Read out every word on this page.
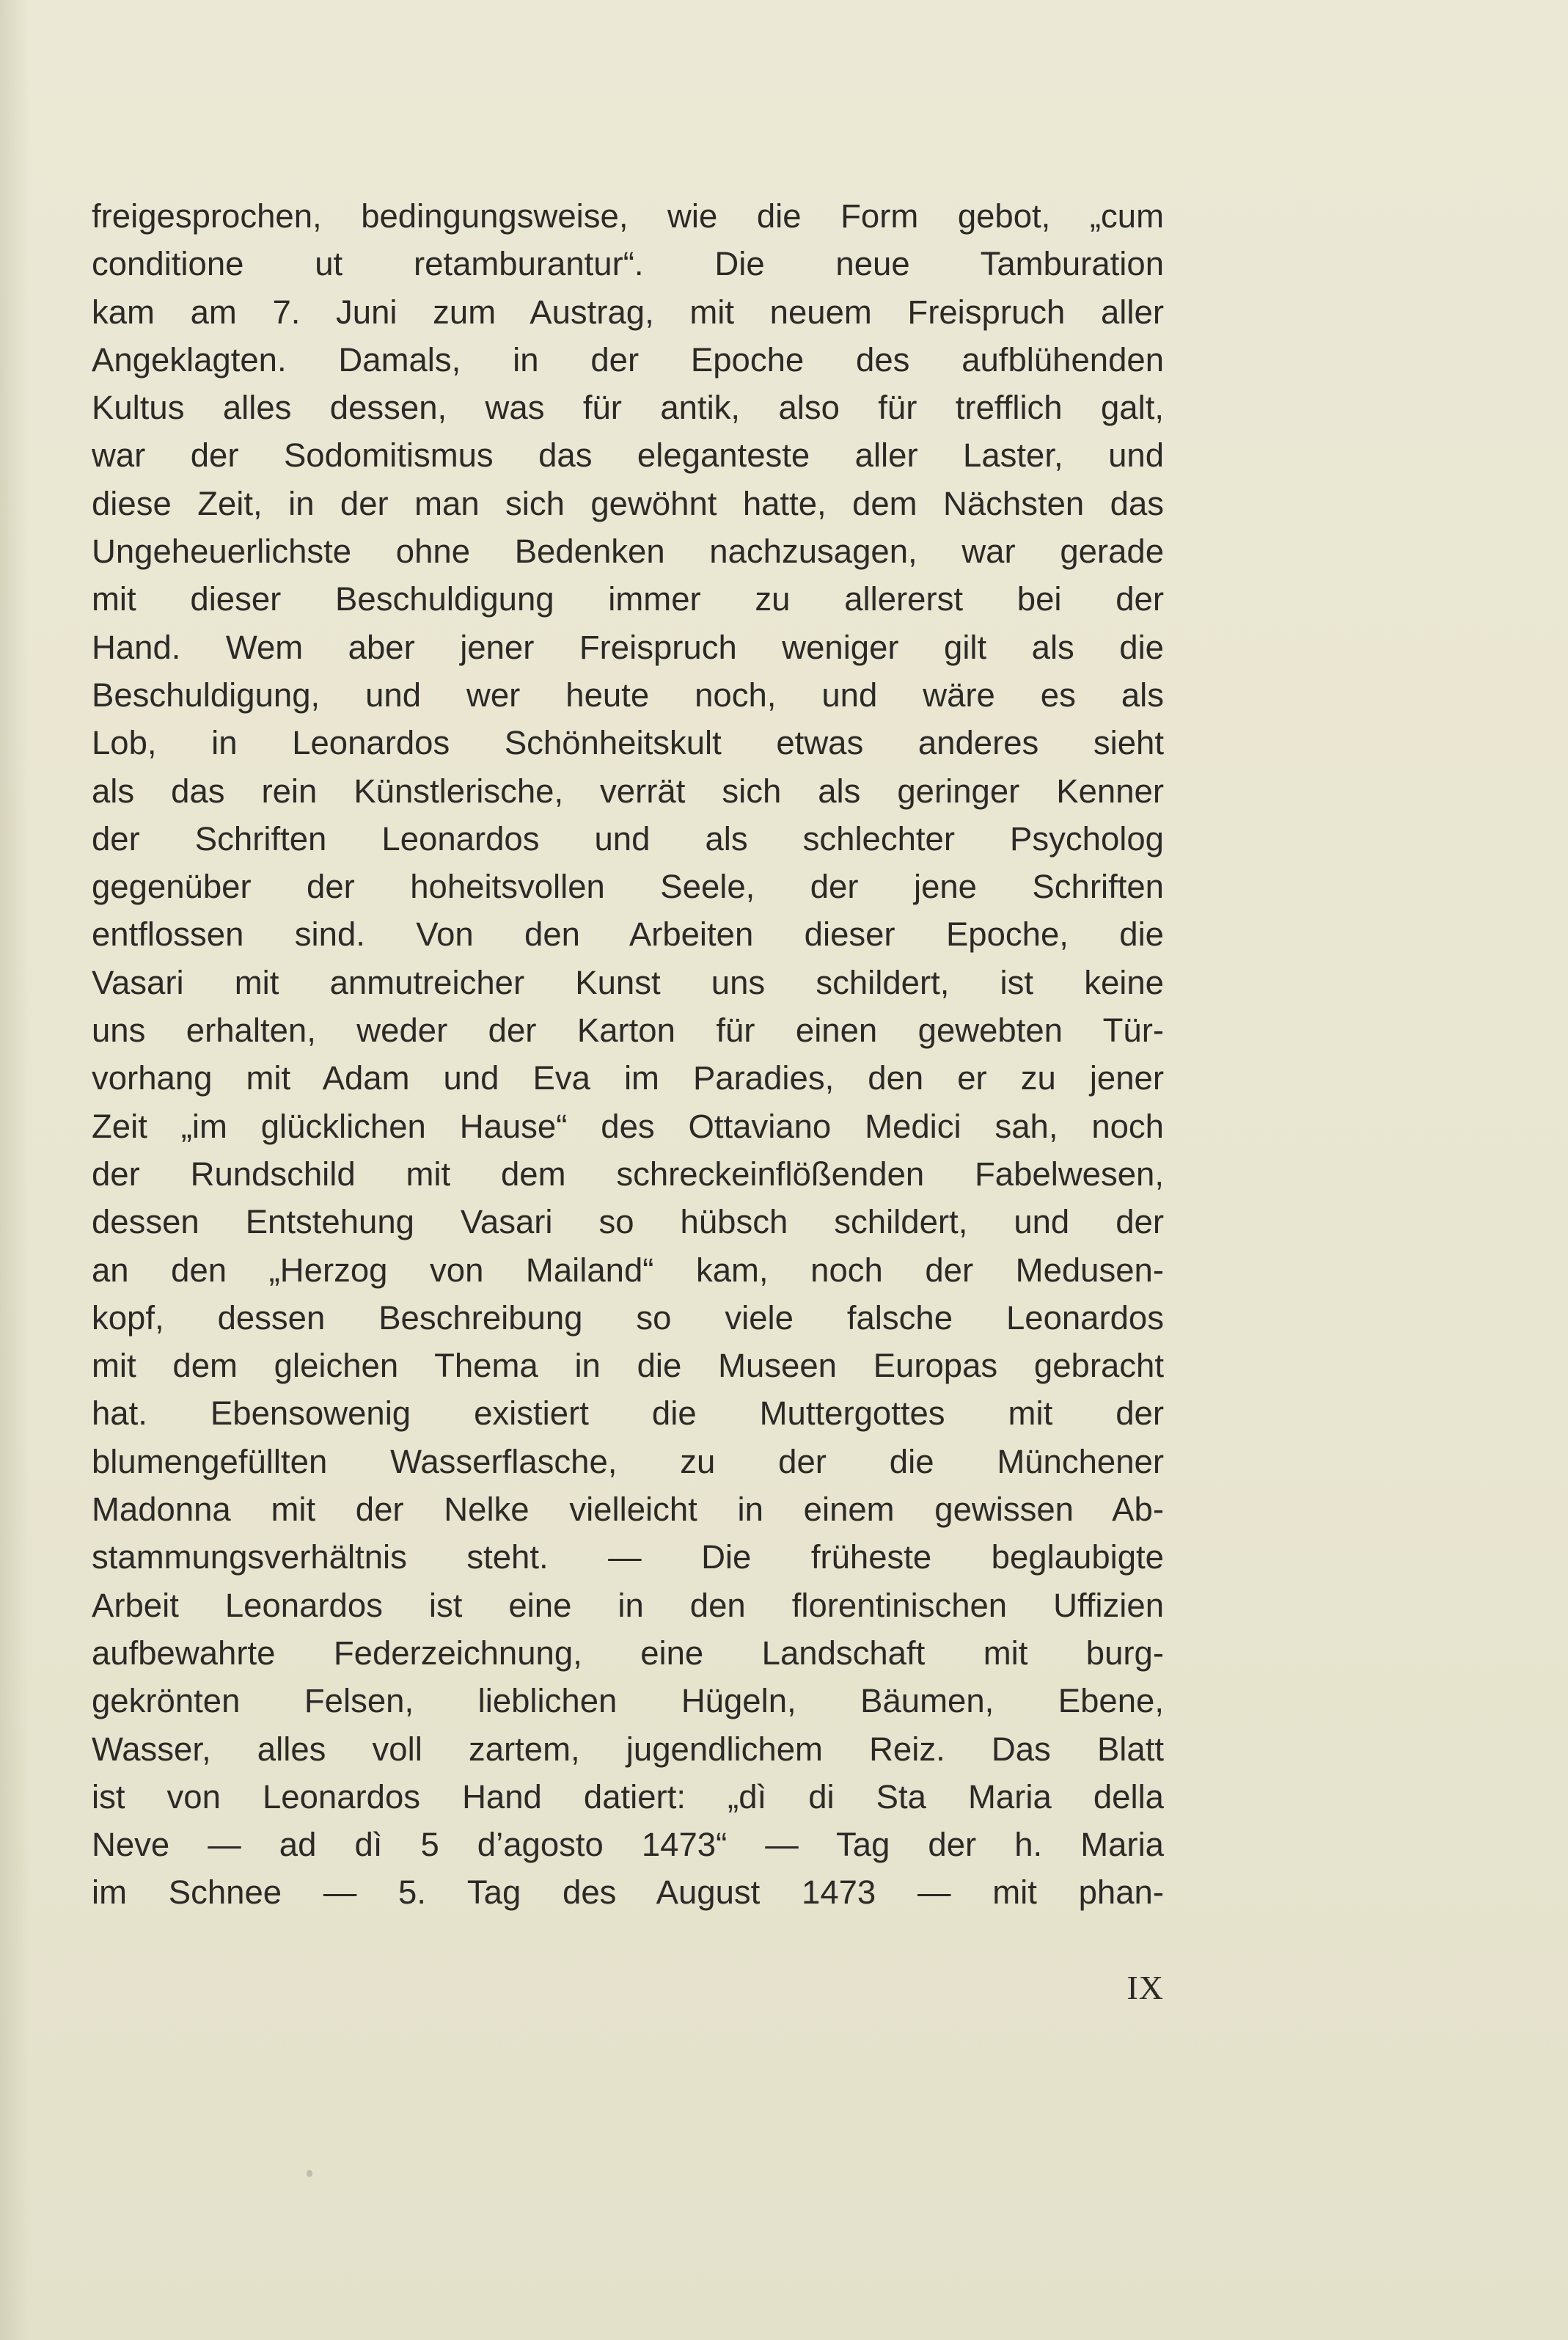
freigesprochen, bedingungsweise, wie die Form gebot, „cum
conditione ut retamburantur“. Die neue Tamburation
kam am 7. Juni zum Austrag, mit neuem Freispruch aller
Angeklagten. Damals, in der Epoche des aufblühenden
Kultus alles dessen, was für antik, also für trefflich galt,
war der Sodomitismus das eleganteste aller Laster, und
diese Zeit, in der man sich gewöhnt hatte, dem Nächsten das
Ungeheuerlichste ohne Bedenken nachzusagen, war gerade
mit dieser Beschuldigung immer zu allererst bei der
Hand. Wem aber jener Freispruch weniger gilt als die
Beschuldigung, und wer heute noch, und wäre es als
Lob, in Leonardos Schönheitskult etwas anderes sieht
als das rein Künstlerische, verrät sich als geringer Kenner
der Schriften Leonardos und als schlechter Psycholog
gegenüber der hoheitsvollen Seele, der jene Schriften
entflossen sind. Von den Arbeiten dieser Epoche, die
Vasari mit anmutreicher Kunst uns schildert, ist keine
uns erhalten, weder der Karton für einen gewebten Tür-
vorhang mit Adam und Eva im Paradies, den er zu jener
Zeit „im glücklichen Hause“ des Ottaviano Medici sah, noch
der Rundschild mit dem schreckeinflößenden Fabelwesen,
dessen Entstehung Vasari so hübsch schildert, und der
an den „Herzog von Mailand“ kam, noch der Medusen-
kopf, dessen Beschreibung so viele falsche Leonardos
mit dem gleichen Thema in die Museen Europas gebracht
hat. Ebensowenig existiert die Muttergottes mit der
blumengefüllten Wasserflasche, zu der die Münchener
Madonna mit der Nelke vielleicht in einem gewissen Ab-
stammungsverhältnis steht. — Die früheste beglaubigte
Arbeit Leonardos ist eine in den florentinischen Uffizien
aufbewahrte Federzeichnung, eine Landschaft mit burg-
gekrönten Felsen, lieblichen Hügeln, Bäumen, Ebene,
Wasser, alles voll zartem, jugendlichem Reiz. Das Blatt
ist von Leonardos Hand datiert: „dì di Sta Maria della
Neve — ad dì 5 d’agosto 1473“ — Tag der h. Maria
im Schnee — 5. Tag des August 1473 — mit phan-
IX
